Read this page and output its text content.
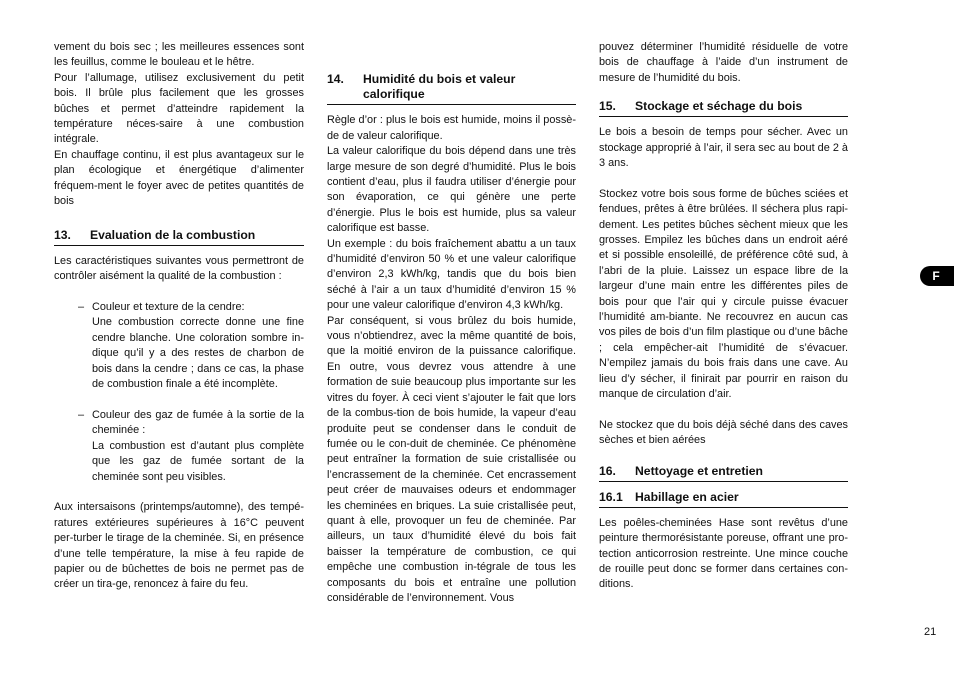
vement du bois sec ; les meilleures essences sont les feuillus, comme le bouleau et le hêtre.

Pour l’allumage, utilisez exclusivement du petit bois. Il brûle plus facilement que les grosses bûches et permet d’atteindre rapidement la température néces-saire à une combustion intégrale.

En chauffage continu, il est plus avantageux sur le plan écologique et énergétique d’alimenter fréquem-ment le foyer avec de petites quantités de bois

13.	Evaluation de la combustion

Les caractéristiques suivantes vous permettront de contrôler aisément la qualité de la combustion :

– Couleur et texture de la cendre:

Une combustion correcte donne une fine cendre blanche. Une coloration sombre in-dique qu’il y a des restes de charbon de bois dans la cendre ; dans ce cas, la phase de combustion finale a été incomplète.

– Couleur des gaz de fumée à la sortie de la cheminée :

La combustion est d’autant plus complète que les gaz de fumée sortant de la cheminée sont peu visibles.

Aux intersaisons (printemps/automne), des tempé-ratures extérieures supérieures à 16°C peuvent per-turber le tirage de la cheminée. Si, en présence d’une telle température, la mise à feu rapide de papier ou de bûchettes de bois ne permet pas de créer un tira-ge, renoncez à faire du feu.

14.	Humidité du bois et valeur calorifique

Règle d’or : plus le bois est humide, moins il possè-de de valeur calorifique.

La valeur calorifique du bois dépend dans une très large mesure de son degré d’humidité. Plus le bois contient d’eau, plus il faudra utiliser d’énergie pour son évaporation, ce qui génère une perte d’énergie. Plus le bois est humide, plus sa valeur calorifique est basse.

Un exemple : du bois fraîchement abattu a un taux d’humidité d’environ 50 % et une valeur calorifique d’environ 2,3 kWh/kg, tandis que du bois bien séché à l’air a un taux d’humidité d’environ 15 % pour une valeur calorifique d’environ 4,3 kWh/kg.

Par conséquent, si vous brûlez du bois humide, vous n’obtiendrez, avec la même quantité de bois, que la moitié environ de la puissance calorifique. En outre, vous devrez vous attendre à une formation de suie beaucoup plus importante sur les vitres du foyer. À ceci vient s’ajouter le fait que lors de la combus-tion de bois humide, la vapeur d’eau produite peut se condenser dans le conduit de fumée ou le con-duit de cheminée. Ce phénomène peut entraîner la formation de suie cristallisée ou l’encrassement de la cheminée. Cet encrassement peut créer de mauvaises odeurs et endommager les cheminées en briques. La suie cristallisée peut, quant à elle, provoquer un feu de cheminée. Par ailleurs, un taux d’humidité élevé du bois fait baisser la température de combustion, ce qui empêche une combustion in-tégrale de tous les composants du bois et entraîne une pollution considérable de l’environnement. Vous

pouvez déterminer l’humidité résiduelle de votre bois de chauffage à l’aide d’un instrument de mesure de l’humidité du bois.

15.	Stockage et séchage du bois

Le bois a besoin de temps pour sécher. Avec un stockage approprié à l’air, il sera sec au bout de 2 à 3 ans.

Stockez votre bois sous forme de bûches sciées et fendues, prêtes à être brûlées. Il séchera plus rapi-dement. Les petites bûches sèchent mieux que les grosses. Empilez les bûches dans un endroit aéré et si possible ensoleillé, de préférence côté sud, à l’abri de la pluie. Laissez un espace libre de la largeur d’une main entre les différentes piles de bois pour que l’air qui y circule puisse évacuer l’humidité am-biante. Ne recouvrez en aucun cas vos piles de bois d’un film plastique ou d’une bâche ; cela empêcher-ait l’humidité de s’évacuer. N’empilez jamais du bois frais dans une cave. Au lieu d’y sécher, il finirait par pourrir en raison du manque de circulation d’air.

Ne stockez que du bois déjà séché dans des caves sèches et bien aérées

16.	Nettoyage et entretien
16.1	Habillage en acier

Les poêles-cheminées Hase sont revêtus d’une peinture thermorésistante poreuse, offrant une pro-tection anticorrosion restreinte. Une mince couche de rouille peut donc se former dans certaines con-ditions.

F
21
